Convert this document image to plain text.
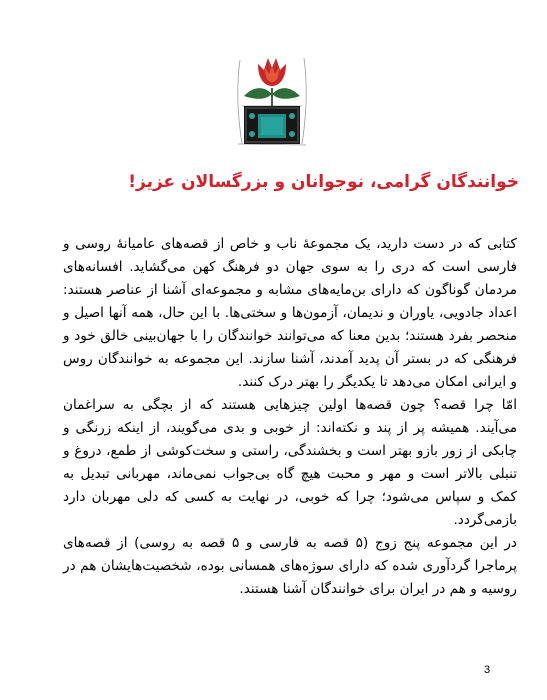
خوانندگان گرامی، نوجوانان و بزرگسالان عزیز!

کتابی که در دست دارید، یک مجموعهٔ ناب و خاص از قصه‌های عامیانهٔ روسی و فارسی است که دری را به سوی جهان دو فرهنگ کهن می‌گشاید. افسانه‌های مردمان گوناگون که دارای بن‌مایه‌های مشابه و مجموعه‌ای آشنا از عناصر هستند: اعداد جادویی، یاوران و ندیمان، آزمون‌ها و سختی‌ها. با این حال، همه آنها اصیل و منحصر بفرد هستند؛ بدین معنا که می‌توانند خوانندگان را با جهان‌بینی خالق خود و فرهنگی که در بستر آن پدید آمدند، آشنا سازند. این مجموعه به خوانندگان روس و ایرانی امکان می‌دهد تا یکدیگر را بهتر درک کنند.

امّا چرا قصه؟ چون قصه‌ها اولین چیزهایی هستند که از بچگی به سراغمان می‌آیند. همیشه پر از پند و نکته‌اند: از خوبی و بدی می‌گویند، از اینکه زرنگی و چابکی از زور بازو بهتر است و بخشندگی، راستی و سخت‌کوشی از طمع، دروغ و تنبلی بالاتر است و مهر و محبت هیچ گاه بی‌جواب نمی‌ماند، مهربانی تبدیل به کمک و سپاس می‌شود؛ چرا که خوبی، در نهایت به کسی که دلی مهربان دارد بازمی‌گردد.

در این مجموعه پنج زوج (۵ قصه به فارسی و ۵ قصه به روسی) از قصه‌های پرماجرا گردآوری شده که دارای سوژه‌های همسانی بوده، شخصیت‌هایشان هم در روسیه و هم در ایران برای خوانندگان آشنا هستند.

3
